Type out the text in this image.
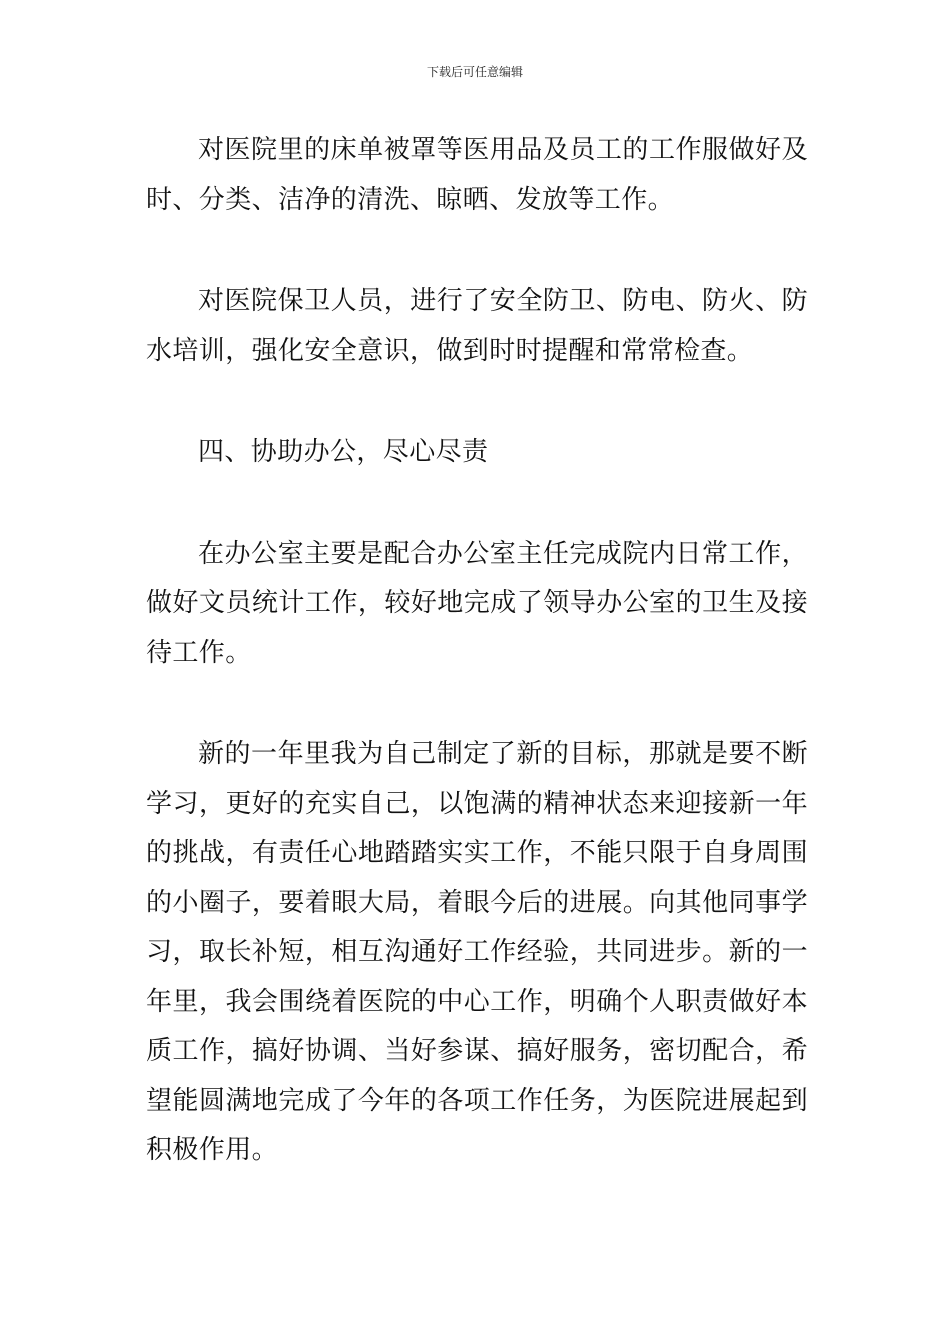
下载后可任意编辑

对医院里的床单被罩等医用品及员工的工作服做好及时、分类、洁净的清洗、晾晒、发放等工作。

对医院保卫人员，进行了安全防卫、防电、防火、防水培训，强化安全意识，做到时时提醒和常常检查。

四、协助办公，尽心尽责

在办公室主要是配合办公室主任完成院内日常工作，做好文员统计工作，较好地完成了领导办公室的卫生及接待工作。

新的一年里我为自己制定了新的目标，那就是要不断学习，更好的充实自己，以饱满的精神状态来迎接新一年的挑战，有责任心地踏踏实实工作，不能只限于自身周围的小圈子，要着眼大局，着眼今后的进展。向其他同事学习，取长补短，相互沟通好工作经验，共同进步。新的一年里，我会围绕着医院的中心工作，明确个人职责做好本质工作，搞好协调、当好参谋、搞好服务，密切配合，希望能圆满地完成了今年的各项工作任务，为医院进展起到积极作用。
